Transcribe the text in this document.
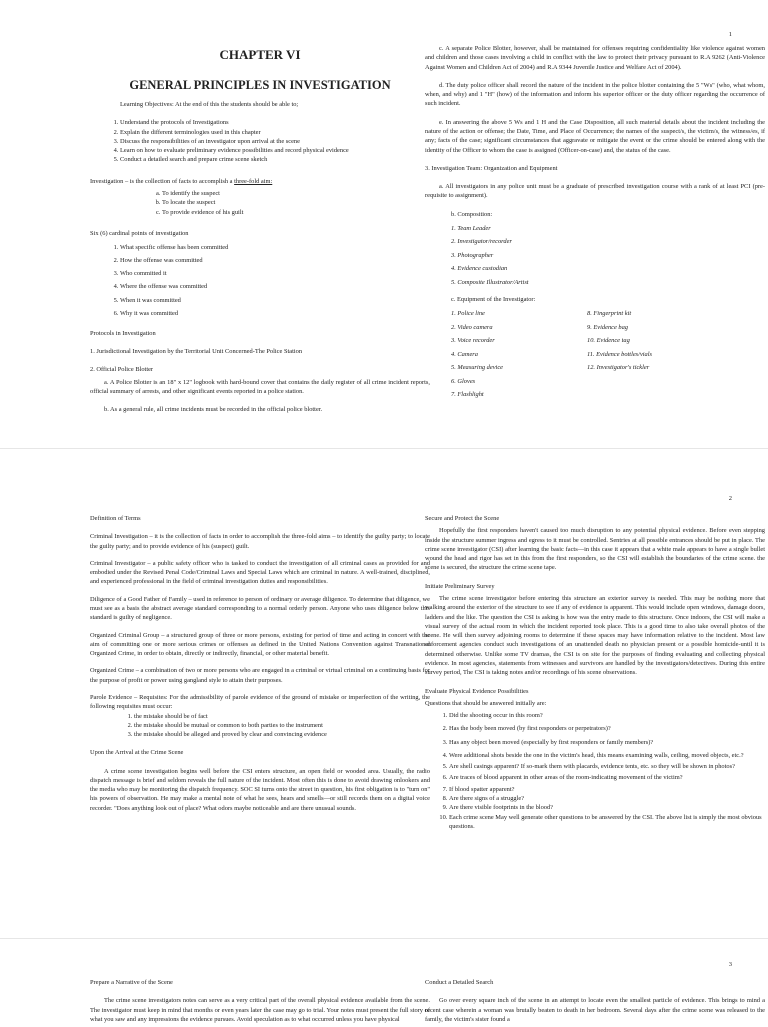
1
CHAPTER VI
GENERAL PRINCIPLES IN INVESTIGATION

Learning Objectives: At the end of this the students should be able to;

1. Understand the protocols of Investigations
2. Explain the different terminologies used in this chapter
3. Discuss the responsibilities of an investigator upon arrival at the scene
4. Learn on how to evaluate preliminary evidence possibilities and record physical evidence
5. Conduct a detailed search and prepare crime scene sketch

Investigation – is the collection of facts to accomplish a three-fold aim:

a. To identify the suspect
b. To locate the suspect
c. To provide evidence of his guilt

Six (6) cardinal points of investigation

1. What specific offense has been committed
2. How the offense was committed
3. Who committed it
4. Where the offense was committed
5. When it was committed
6. Why it was committed

Protocols in Investigation

1. Jurisdictional Investigation by the Territorial Unit Concerned-The Police Station

2. Official Police Blotter

a. A Police Blotter is an 18" x 12" logbook with hard-bound cover that contains the daily register of all crime incident reports, official summary of arrests, and other significant events reported in a police station.

b. As a general rule, all crime incidents must be recorded in the official police blotter.

c. A separate Police Blotter, however, shall be maintained for offenses requiring confidentiality like violence against women and children and those cases involving a child in conflict with the law to protect their privacy pursuant to R.A 9262 (Anti-Violence Against Women and Children Act of 2004) and R.A 9344 Juvenile Justice and Welfare Act of 2004).

d. The duty police officer shall record the nature of the incident in the police blotter containing the 5 "Ws" (who, what whom, when, and why) and 1 "H" (how) of the information and inform his superior officer or the duty officer regarding the occurrence of such incident.

e. In answering the above 5 Ws and 1 H and the Case Disposition, all such material details about the incident including the nature of the action or offense; the Date, Time, and Place of Occurrence; the names of the suspect/s, the victim/s, the witness/es, if any; facts of the case; significant circumstances that aggravate or mitigate the event or the crime should be entered along with the identity of the Officer to whom the case is assigned (Officer-on-case) and, the status of the case.

3. Investigation Team: Organization and Equipment

a. All investigators in any police unit must be a graduate of prescribed investigation course with a rank of at least PCI (pre-requisite to assignment).

b. Composition:

1. Team Leader
2. Investigator/recorder
3. Photographer
4. Evidence custodian
5. Composite Illustrator/Artist

c. Equipment of the Investigator:

1. Police line
2. Video camera
3. Voice recorder
4. Camera
5. Measuring device
6. Gloves
7. Flashlight
8. Fingerprint kit
9. Evidence bag
10. Evidence tag
11. Evidence bottles/vials
12. Investigator's tickler
2

Definition of Terms

Criminal Investigation – it is the collection of facts in order to accomplish the three-fold aims – to identify the guilty party; to locate the guilty party; and to provide evidence of his (suspect) guilt.

Criminal Investigator – a public safety officer who is tasked to conduct the investigation of all criminal cases as provided for and embodied under the Revised Penal Code/Criminal Laws and Special Laws which are criminal in nature. A well-trained, disciplined, and experienced professional in the field of criminal investigation duties and responsibilities.

Diligence of a Good Father of Family – used in reference to person of ordinary or average diligence. To determine that diligence, we must see as a basis the abstract average standard corresponding to a normal orderly person. Anyone who uses diligence below this standard is guilty of negligence.

Organized Criminal Group – a structured group of three or more persons, existing for period of time and acting in concert with the aim of committing one or more serious crimes or offenses as defined in the United Nations Convention against Transnational Organized Crime, in order to obtain, directly or indirectly, financial, or other material benefit.

Organized Crime – a combination of two or more persons who are engaged in a criminal or virtual criminal on a continuing basis for the purpose of profit or power using gangland style to attain their purposes.

Parole Evidence – Requisites: For the admissibility of parole evidence of the ground of mistake or imperfection of the writing, the following requisites must occur:

1. the mistake should be of fact
2. the mistake should be mutual or common to both parties to the instrument
3. the mistake should be alleged and proved by clear and convincing evidence

Upon the Arrival at the Crime Scene

A crime scene investigation begins well before the CSI enters structure, an open field or wooded area. Usually, the radio dispatch message is brief and seldom reveals the full nature of the incident. Most often this is done to avoid drawing onlookers and the media who may be monitoring the dispatch frequency. SOC SI turns onto the street in question, his first obligation is to "turn on" his powers of observation. He may make a mental note of what he sees, hears and smells—or still records them on a digital voice recorder. "Does anything look out of place? What odors maybe noticeable and are there unusual sounds.

Secure and Protect the Scene

Hopefully the first responders haven't caused too much disruption to any potential physical evidence. Before even stepping inside the structure summer ingress and egress to it must be controlled. Sentries at all possible entrances should be put in place. The crime scene investigator (CSI) after learning the basic facts—in this case it appears that a white male appears to have a single bullet wound the head and rigor has set in this from the first responders, so the CSI will establish the boundaries of the crime scene. the scene is secured, the structure the crime scene tape.

Initiate Preliminary Survey

The crime scene investigator before entering this structure an exterior survey is needed. This may be nothing more that walking around the exterior of the structure to see if any of evidence is apparent. This would include open windows, damage doors, ladders and the like. The question the CSI is asking is how was the entry made to this structure. Once indoors, the CSI will make a visual survey of the actual room in which the incident reported took place. This is a good time to also take overall photos of the scene. He will then survey adjoining rooms to determine if these spaces may have information relative to the incident. Most law enforcement agencies conduct such investigations of an unattended death no physician present or a possible homicide-until it is determined otherwise. Unlike some TV dramas, the CSI is on site for the purposes of finding evaluating and collecting physical evidence. In most agencies, statements from witnesses and survivors are handled by the investigators/detectives. During this entire survey period, The CSI is taking notes and/or recordings of his scene observations.

Evaluate Physical Evidence Possibilities

Questions that should be answered initially are:

1. Did the shooting occur in this room?
2. Has the body been moved (by first responders or perpetrators)?
3. Has any object been moved (especially by first responders or family members)?
4. Were additional shots beside the one in the victim's head, this means examining walls, ceiling, moved objects, etc.?
5. Are shell casings apparent? If so-mark them with placards, evidence tents, etc. so they will be shown in photos?
6. Are traces of blood apparent in other areas of the room-indicating movement of the victim?
7. If blood spatter apparent?
8. Are there signs of a struggle?
9. Are there visible footprints in the blood?
10. Each crime scene May well generate other questions to be answered by the CSI. The above list is simply the most obvious questions.
3

Prepare a Narrative of the Scene

The crime scene investigators notes can serve as a very critical part of the overall physical evidence available from the scene. The investigator must keep in mind that months or even years later the case may go to trial. Your notes must present the full story of what you saw and any impressions the evidence pursues. Avoid speculation as to what occurred unless you have physical

Conduct a Detailed Search

Go over every square inch of the scene in an attempt to locate even the smallest particle of evidence. This brings to mind a recent case wherein a woman was brutally beaten to death in her bedroom. Several days after the crime scene was released to the family, the victim's sister found a
